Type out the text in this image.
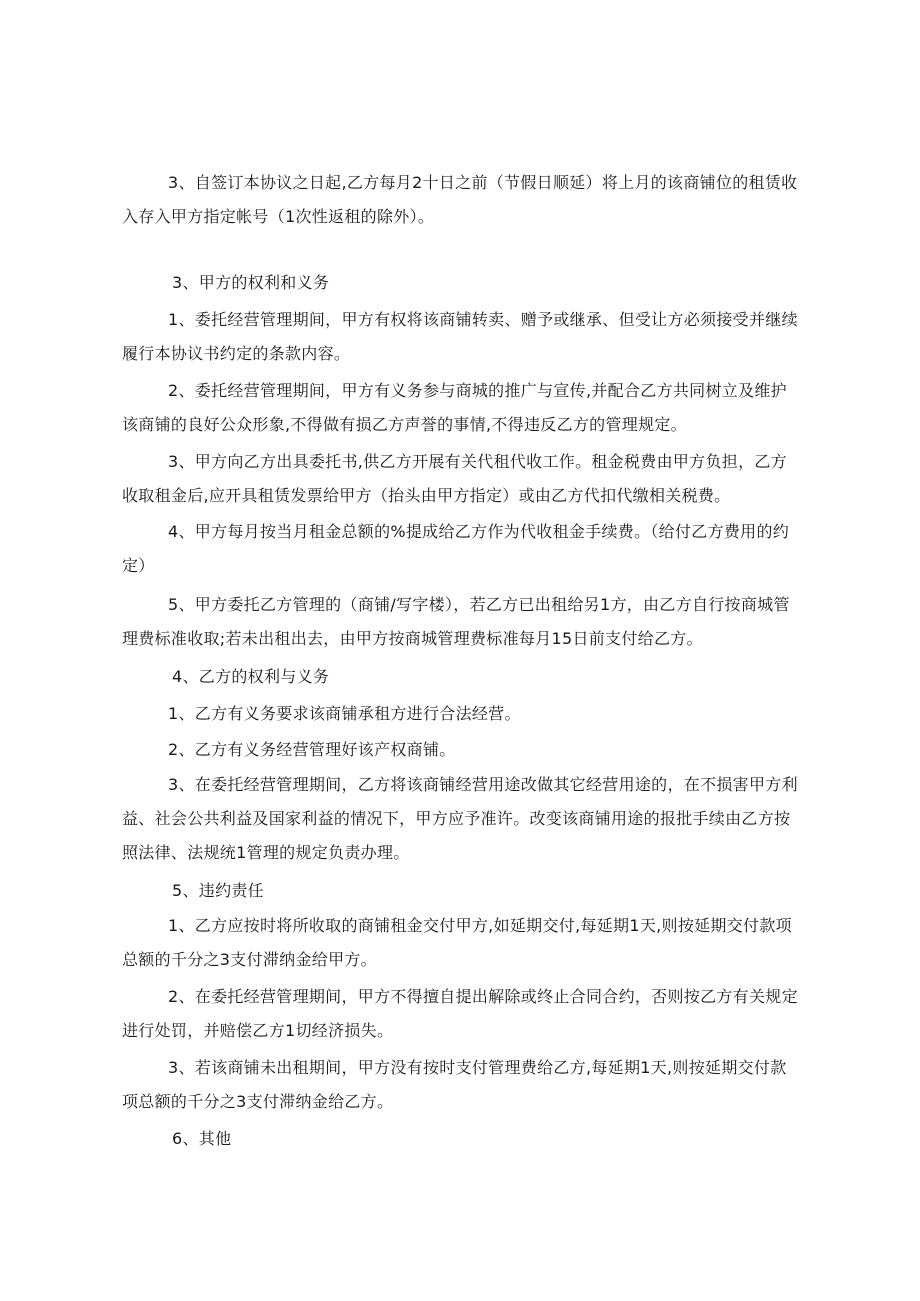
3、自签订本协议之日起,乙方每月2十日之前（节假日顺延）将上月的该商铺位的租赁收入存入甲方指定帐号（1次性返租的除外）。

3、甲方的权利和义务

1、委托经营管理期间，甲方有权将该商铺转卖、赠予或继承、但受让方必须接受并继续履行本协议书约定的条款内容。

2、委托经营管理期间，甲方有义务参与商城的推广与宣传,并配合乙方共同树立及维护该商铺的良好公众形象,不得做有损乙方声誉的事情,不得违反乙方的管理规定。

3、甲方向乙方出具委托书,供乙方开展有关代租代收工作。租金税费由甲方负担，乙方收取租金后,应开具租赁发票给甲方（抬头由甲方指定）或由乙方代扣代缴相关税费。

4、甲方每月按当月租金总额的%提成给乙方作为代收租金手续费。（给付乙方费用的约定）

5、甲方委托乙方管理的（商铺/写字楼），若乙方已出租给另1方，由乙方自行按商城管理费标准收取;若未出租出去，由甲方按商城管理费标准每月15日前支付给乙方。

4、乙方的权利与义务

1、乙方有义务要求该商铺承租方进行合法经营。

2、乙方有义务经营管理好该产权商铺。

3、在委托经营管理期间，乙方将该商铺经营用途改做其它经营用途的，在不损害甲方利益、社会公共利益及国家利益的情况下，甲方应予准许。改变该商铺用途的报批手续由乙方按照法律、法规统1管理的规定负责办理。

5、违约责任

1、乙方应按时将所收取的商铺租金交付甲方,如延期交付,每延期1天,则按延期交付款项总额的千分之3支付滞纳金给甲方。

2、在委托经营管理期间，甲方不得擅自提出解除或终止合同合约，否则按乙方有关规定进行处罚，并赔偿乙方1切经济损失。

3、若该商铺未出租期间，甲方没有按时支付管理费给乙方,每延期1天,则按延期交付款项总额的千分之3支付滞纳金给乙方。

6、其他
